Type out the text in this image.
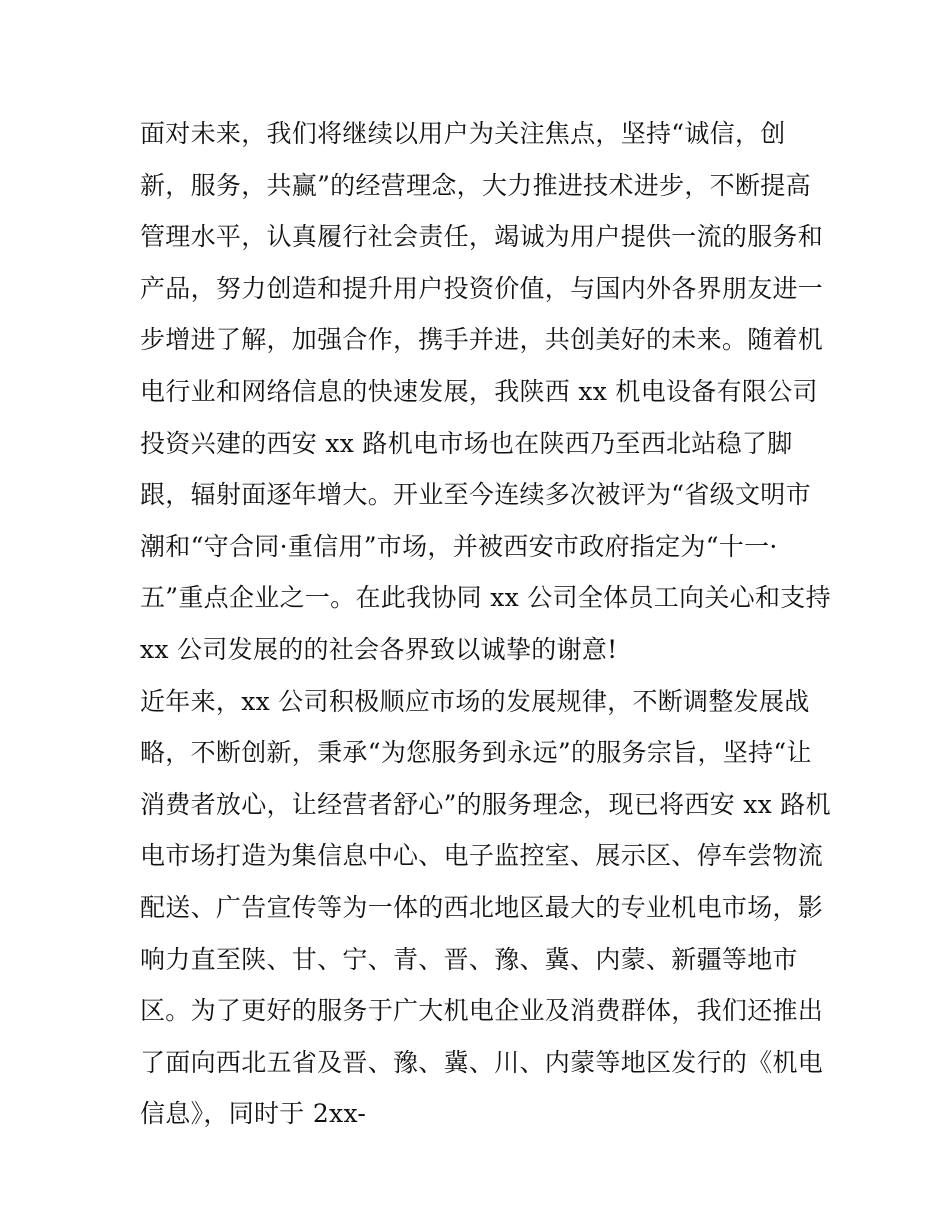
面对未来，我们将继续以用户为关注焦点，坚持“诚信，创
新，服务，共赢”的经营理念，大力推进技术进步，不断提高
管理水平，认真履行社会责任，竭诚为用户提供一流的服务和
产品，努力创造和提升用户投资价值，与国内外各界朋友进一
步增进了解，加强合作，携手并进，共创美好的未来。随着机
电行业和网络信息的快速发展，我陕西 xx 机电设备有限公司
投资兴建的西安 xx 路机电市场也在陕西乃至西北站稳了脚
跟，辐射面逐年增大。开业至今连续多次被评为“省级文明市
潮和“守合同·重信用”市场，并被西安市政府指定为“十一·
五”重点企业之一。在此我协同 xx 公司全体员工向关心和支持
xx 公司发展的的社会各界致以诚挚的谢意!
近年来，xx 公司积极顺应市场的发展规律，不断调整发展战
略，不断创新，秉承“为您服务到永远”的服务宗旨，坚持“让
消费者放心，让经营者舒心”的服务理念，现已将西安 xx 路机
电市场打造为集信息中心、电子监控室、展示区、停车尝物流
配送、广告宣传等为一体的西北地区最大的专业机电市场，影
响力直至陕、甘、宁、青、晋、豫、冀、内蒙、新疆等地市
区。为了更好的服务于广大机电企业及消费群体，我们还推出
了面向西北五省及晋、豫、冀、川、内蒙等地区发行的《机电
信息》，同时于 2xx-
